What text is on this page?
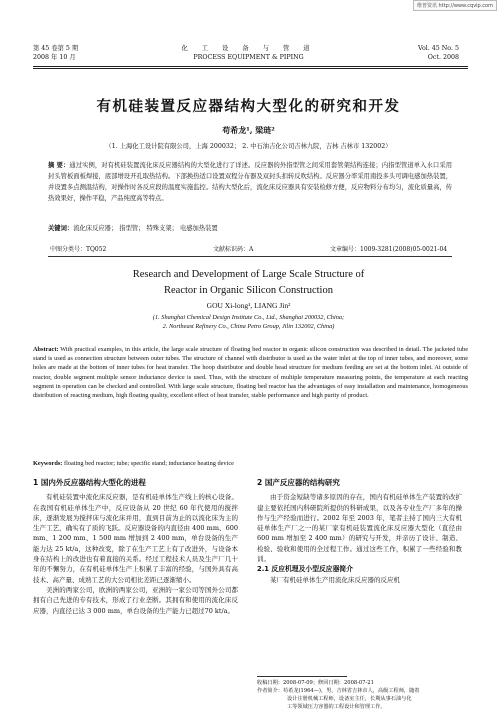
维普资讯 http://www.cqvip.com
第 45 卷第 5 期
2008 年 10 月
化 工 设 备 与 管 道
PROCESS EQUIPMENT & PIPING
Vol. 45 No. 5
Oct. 2008
有机硅装置反应器结构大型化的研究和开发
苟希龙¹, 梁琏²
（1. 上海化工设计院有限公司，上海 200032； 2. 中石油吉化公司吉林九院，吉林 吉林市 132002）
摘 要：通过实例，对有机硅装置流化床反应器结构的大型化进行了详述。反应器的外指型管之间采用套管架结构连接；内指型管道单入水口采用封头管板面板焊接，底部增设开孔取热结构。下部换热适口设置双程分布器及双封头扣转反吹结构。反应器分率采用南投多头可调电感加热装置，并设置多点测温结构，对操作时各反应段的温度实施监控。结构大型化后，流化床反应器具有安装检修方便，反应物料分布均匀，流化质量高，传热效果好，操作平稳，产品纯度高等特点。
关键词：流化床反应器； 指型管； 特殊支架； 电感加热装置
中图分类号：TQ052	文献标识码：A	文章编号：1009-3281(2008)05-0021-04
Research and Development of Large Scale Structure of
Reactor in Organic Silicon Construction
GOU Xi-long¹, LIANG Jin²
(1. Shanghai Chemical Design Institute Co., Ltd., Shanghai 200032, China;
2. Northeast Refinery Co., China Petro Group, Jilin 132002, China)
Abstract: With practical examples, in this article, the large scale structure of floating bed reactor in organic silicon construction was described in detail. The jacketed tube stand is used as connection structure between outer tubes. The structure of channel with distributor is used as the water inlet at the top of inner tubes, and moreover, some holes are made at the bottom of inner tubes for heat transfer. The hoop distributor and double head structure for medium feeding are set at the bottom inlet. At outside of reactor, double segment multiple sensor inductance device is used. Thus, with the structure of multiple temperature measuring points, the temperature at each reacting segment in operation can be checked and controlled. With large scale structure, floating bed reactor has the advantages of easy installation and maintenance, homogeneous distribution of reacting medium, high floating quality, excellent effect of heat transfer, stable performance and high purity of product.
Keywords: floating bed reactor; tube; specific stand; inductance heating device
1 国内外反应器结构大型化的进程

有机硅装置中流化床反应器，是有机硅单体生产线上的核心设备。在我国有机硅单体生产中，反应设备从 20 世纪 60 年代使用的搅拌床，逐渐发展为搅拌床与流化床并用，直到目前为止的以流化床为主的生产工艺，确实有了质的飞跃。反应器设备的内直径由 400 mm、600 mm、1 200 mm、1 500 mm 增加到 2 400 mm，单台设备的生产能力达 25 kt/a，这种改变，除了在生产工艺上有了改进外，与设备本身在结构上的改进也有着直接的关系。经过工程技术人员及生产厂几十年的不懈努力，在有机硅单体生产上积累了丰富的经验，与国外具有高技术、高产量、成熟工艺的大公司相比差距已逐渐缩小。

美洲的两家公司，欧洲的两家公司，亚洲的一家公司等国外公司都拥有自己先进的专有技术，形成了行业垄断。其拥有和使用的流化床反应器，内直径已达 3 000 mm，单台设备的生产能力已超过70 kt/a。

2 国产反应器的结构研究

由于资金短缺等诸多原因的存在，国内有机硅单体生产装置的改扩建主要依托国内科研院所提供的科研成果，以及各专业生产厂多年的操作与生产经验而进行。2002 年至 2003 年，笔者主持了国内三大有机硅单体生产厂之一的某厂家有机硅装置流化床反应器大型化（直径由 600 mm 增加至 2 400 mm）的研究与开发，并亲历了设计、制造、检验、验收和使用的全过程工作。通过这些工作，积累了一些经验和教训。

2.1 反应机理及小型反应器简介

某厂有机硅单体生产用流化床反应器的反应机

收稿日期：2008-07-09；修回日期：2008-07-21
作者简介：苟希龙(1964—)，男，吉林省吉林市人，高级工程师，随着
设计注册机械工程师，设备室主任，长期从事石油与化
工等领域压力容器的工程设计和管理工作。
